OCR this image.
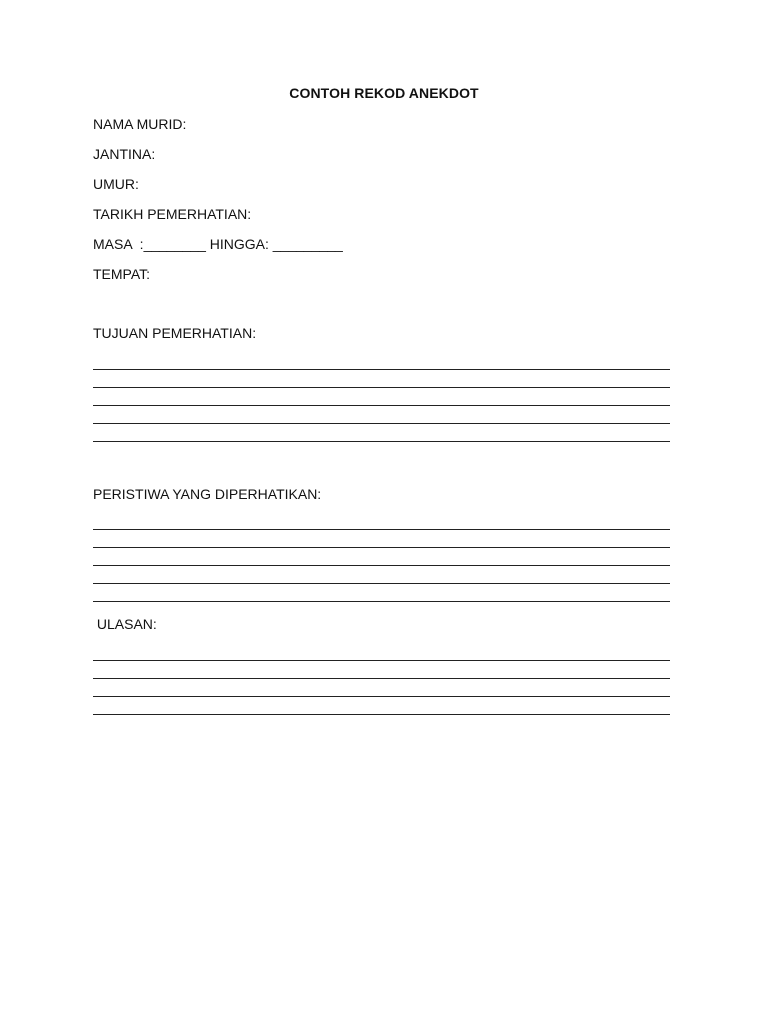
CONTOH REKOD ANEKDOT
NAMA MURID:
JANTINA:
UMUR:
TARIKH PEMERHATIAN:
MASA  :________ HINGGA: _________
TEMPAT:
TUJUAN PEMERHATIAN:
PERISTIWA YANG DIPERHATIKAN:
ULASAN:
